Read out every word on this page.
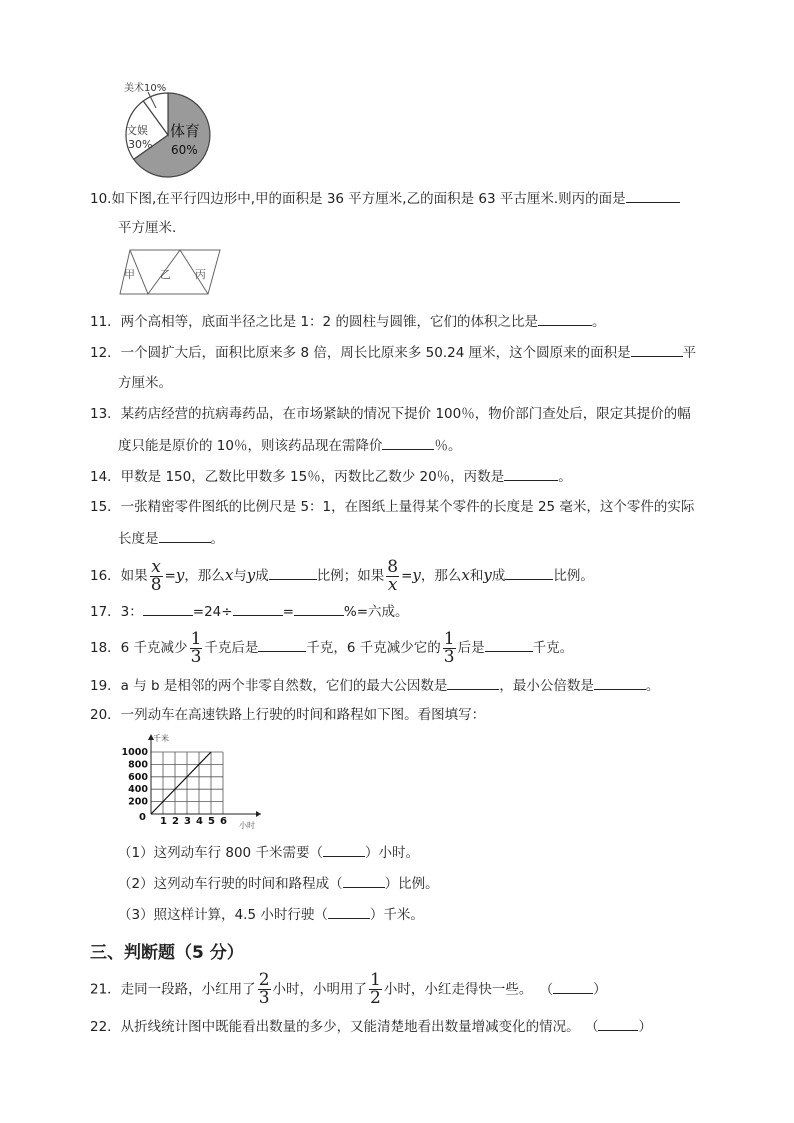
美术10%
文娱
30%
体育
60%
10.如下图,在平行四边形中,甲的面积是 36 平方厘米,乙的面积是 63 平古厘米.则丙的面是
平方厘米.
甲 乙 丙
11．两个高相等，底面半径之比是 1：2 的圆柱与圆锥，它们的体积之比是	。
12．一个圆扩大后，面积比原来多 8 倍，周长比原来多 50.24 厘米，这个圆原来的面积是	平
方厘米。
13．某药店经营的抗病毒药品，在市场紧缺的情况下提价 100％，物价部门查处后，限定其提价的幅
度只能是原价的 10％，则该药品现在需降价	％。
14．甲数是 150，乙数比甲数多 15％，丙数比乙数少 20％，丙数是	。
15．一张精密零件图纸的比例尺是 5：1，在图纸上量得某个零件的长度是 25 毫米，这个零件的实际
长度是	。
16．如果 $\frac{x}{8} =y$，那么x与y成	比例；如果 $\frac{8}{x} =y$，那么x和y成	比例。
17．3：	=24÷	=	%=六成。
18．6 千克减少 $\frac{1}{3}$ 千克后是	千克，6 千克减少它的 $\frac{1}{3}$ 后是	千克。
19．a 与 b 是相邻的两个非零自然数，它们的最大公因数是	，最小公倍数是	。
20．一列动车在高速铁路上行驶的时间和路程如下图。看图填写：
1 2 3 4 5 6
200
400
600
800
1000
千米
小时
0
（1）这列动车行 800 千米需要（	）小时。
（2）这列动车行驶的时间和路程成（	）比例。
（3）照这样计算，4.5 小时行驶（	）千米。
三、判断题（5 分）
21．走同一段路，小红用了 $\frac{2}{3}$ 小时，小明用了 $\frac{1}{2}$ 小时，小红走得快一些。 （	）
22．从折线统计图中既能看出数量的多少，又能清楚地看出数量增减变化的情况。 （	）
